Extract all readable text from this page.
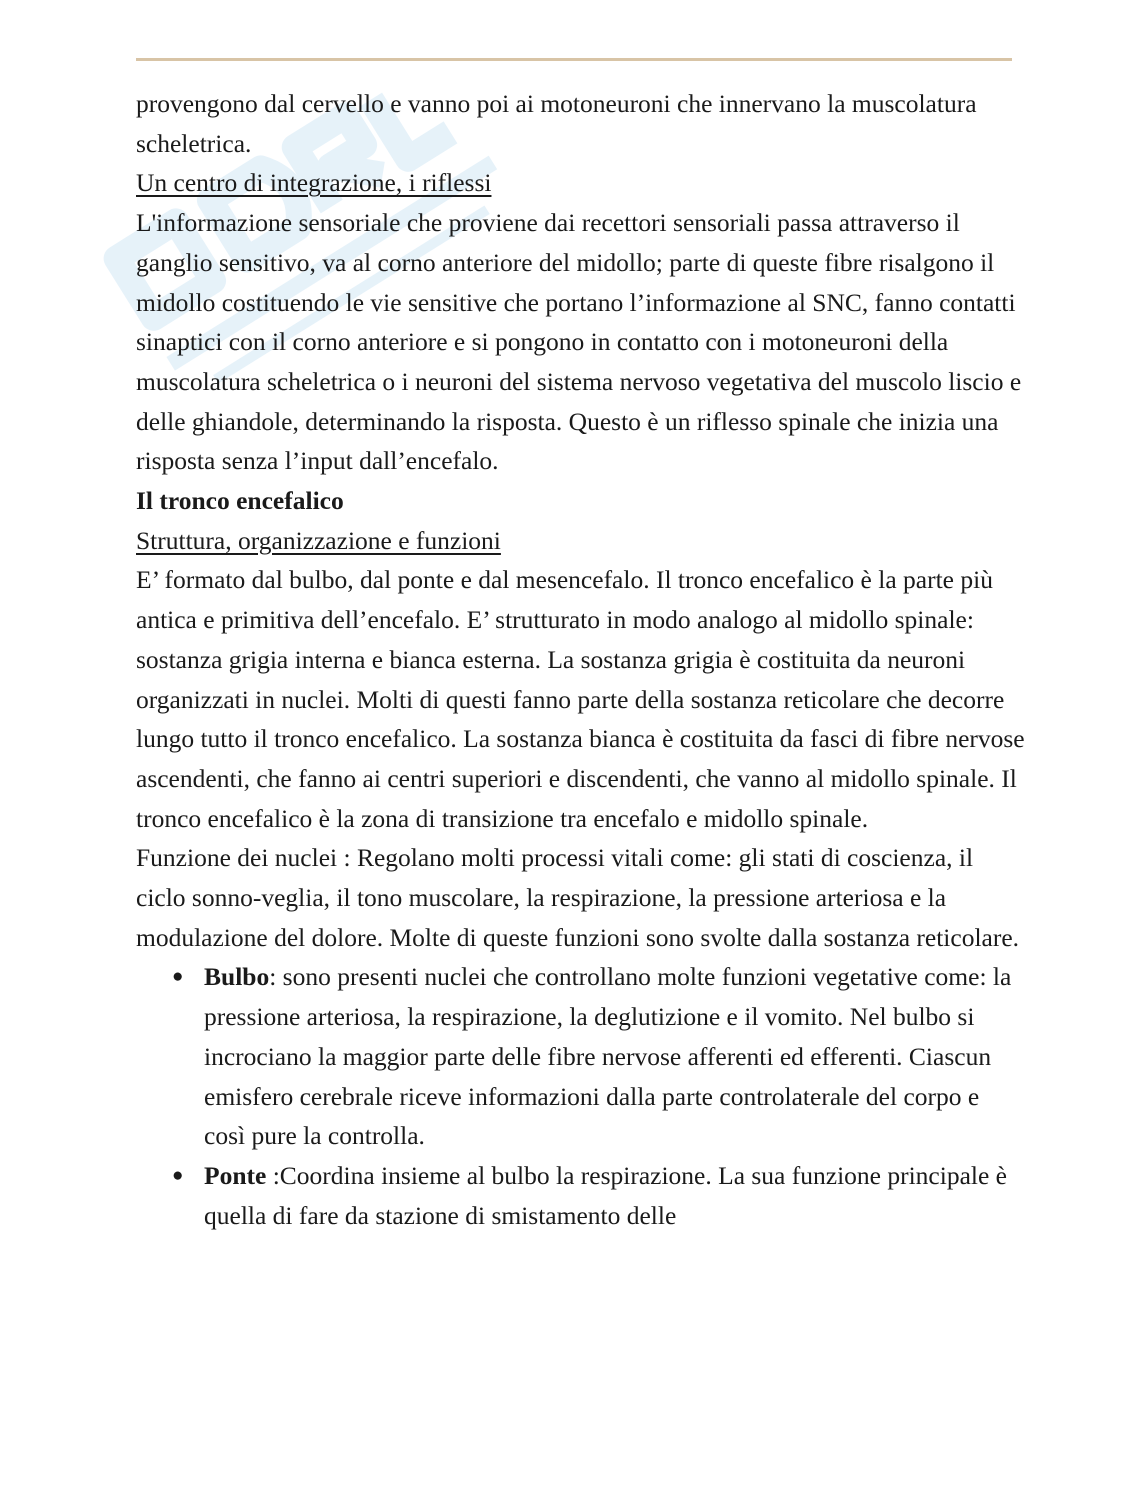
provengono dal cervello e vanno poi ai motoneuroni che innervano la muscolatura scheletrica.

Un centro di integrazione, i riflessi

L'informazione sensoriale che proviene dai recettori sensoriali passa attraverso il ganglio sensitivo, va al corno anteriore del midollo; parte di queste fibre risalgono il midollo costituendo le vie sensitive che portano l’informazione al SNC, fanno contatti sinaptici con il corno anteriore e si pongono in contatto con i motoneuroni della muscolatura scheletrica o i neuroni del sistema nervoso vegetativa del muscolo liscio e delle ghiandole, determinando la risposta. Questo è un riflesso spinale che inizia una risposta senza l’input dall’encefalo.

Il tronco encefalico

Struttura, organizzazione e funzioni

E’ formato dal bulbo, dal ponte e dal mesencefalo. Il tronco encefalico è la parte più antica e primitiva dell’encefalo. E’ strutturato in modo analogo al midollo spinale: sostanza grigia interna e bianca esterna. La sostanza grigia è costituita da neuroni organizzati in nuclei. Molti di questi fanno parte della sostanza reticolare che decorre lungo tutto il tronco encefalico. La sostanza bianca è costituita da fasci di fibre nervose ascendenti, che fanno ai centri superiori e discendenti, che vanno al midollo spinale. Il tronco encefalico è la zona di transizione tra encefalo e midollo spinale.

Funzione dei nuclei : Regolano molti processi vitali come: gli stati di coscienza, il ciclo sonno-veglia, il tono muscolare, la respirazione, la pressione arteriosa e la modulazione del dolore. Molte di queste funzioni sono svolte dalla sostanza reticolare.

● Bulbo: sono presenti nuclei che controllano molte funzioni vegetative come: la pressione arteriosa, la respirazione, la deglutizione e il vomito. Nel bulbo si incrociano la maggior parte delle fibre nervose afferenti ed efferenti. Ciascun emisfero cerebrale riceve informazioni dalla parte controlaterale del corpo e così pure la controlla.
● Ponte :Coordina insieme al bulbo la respirazione. La sua funzione principale è quella di fare da stazione di smistamento delle
